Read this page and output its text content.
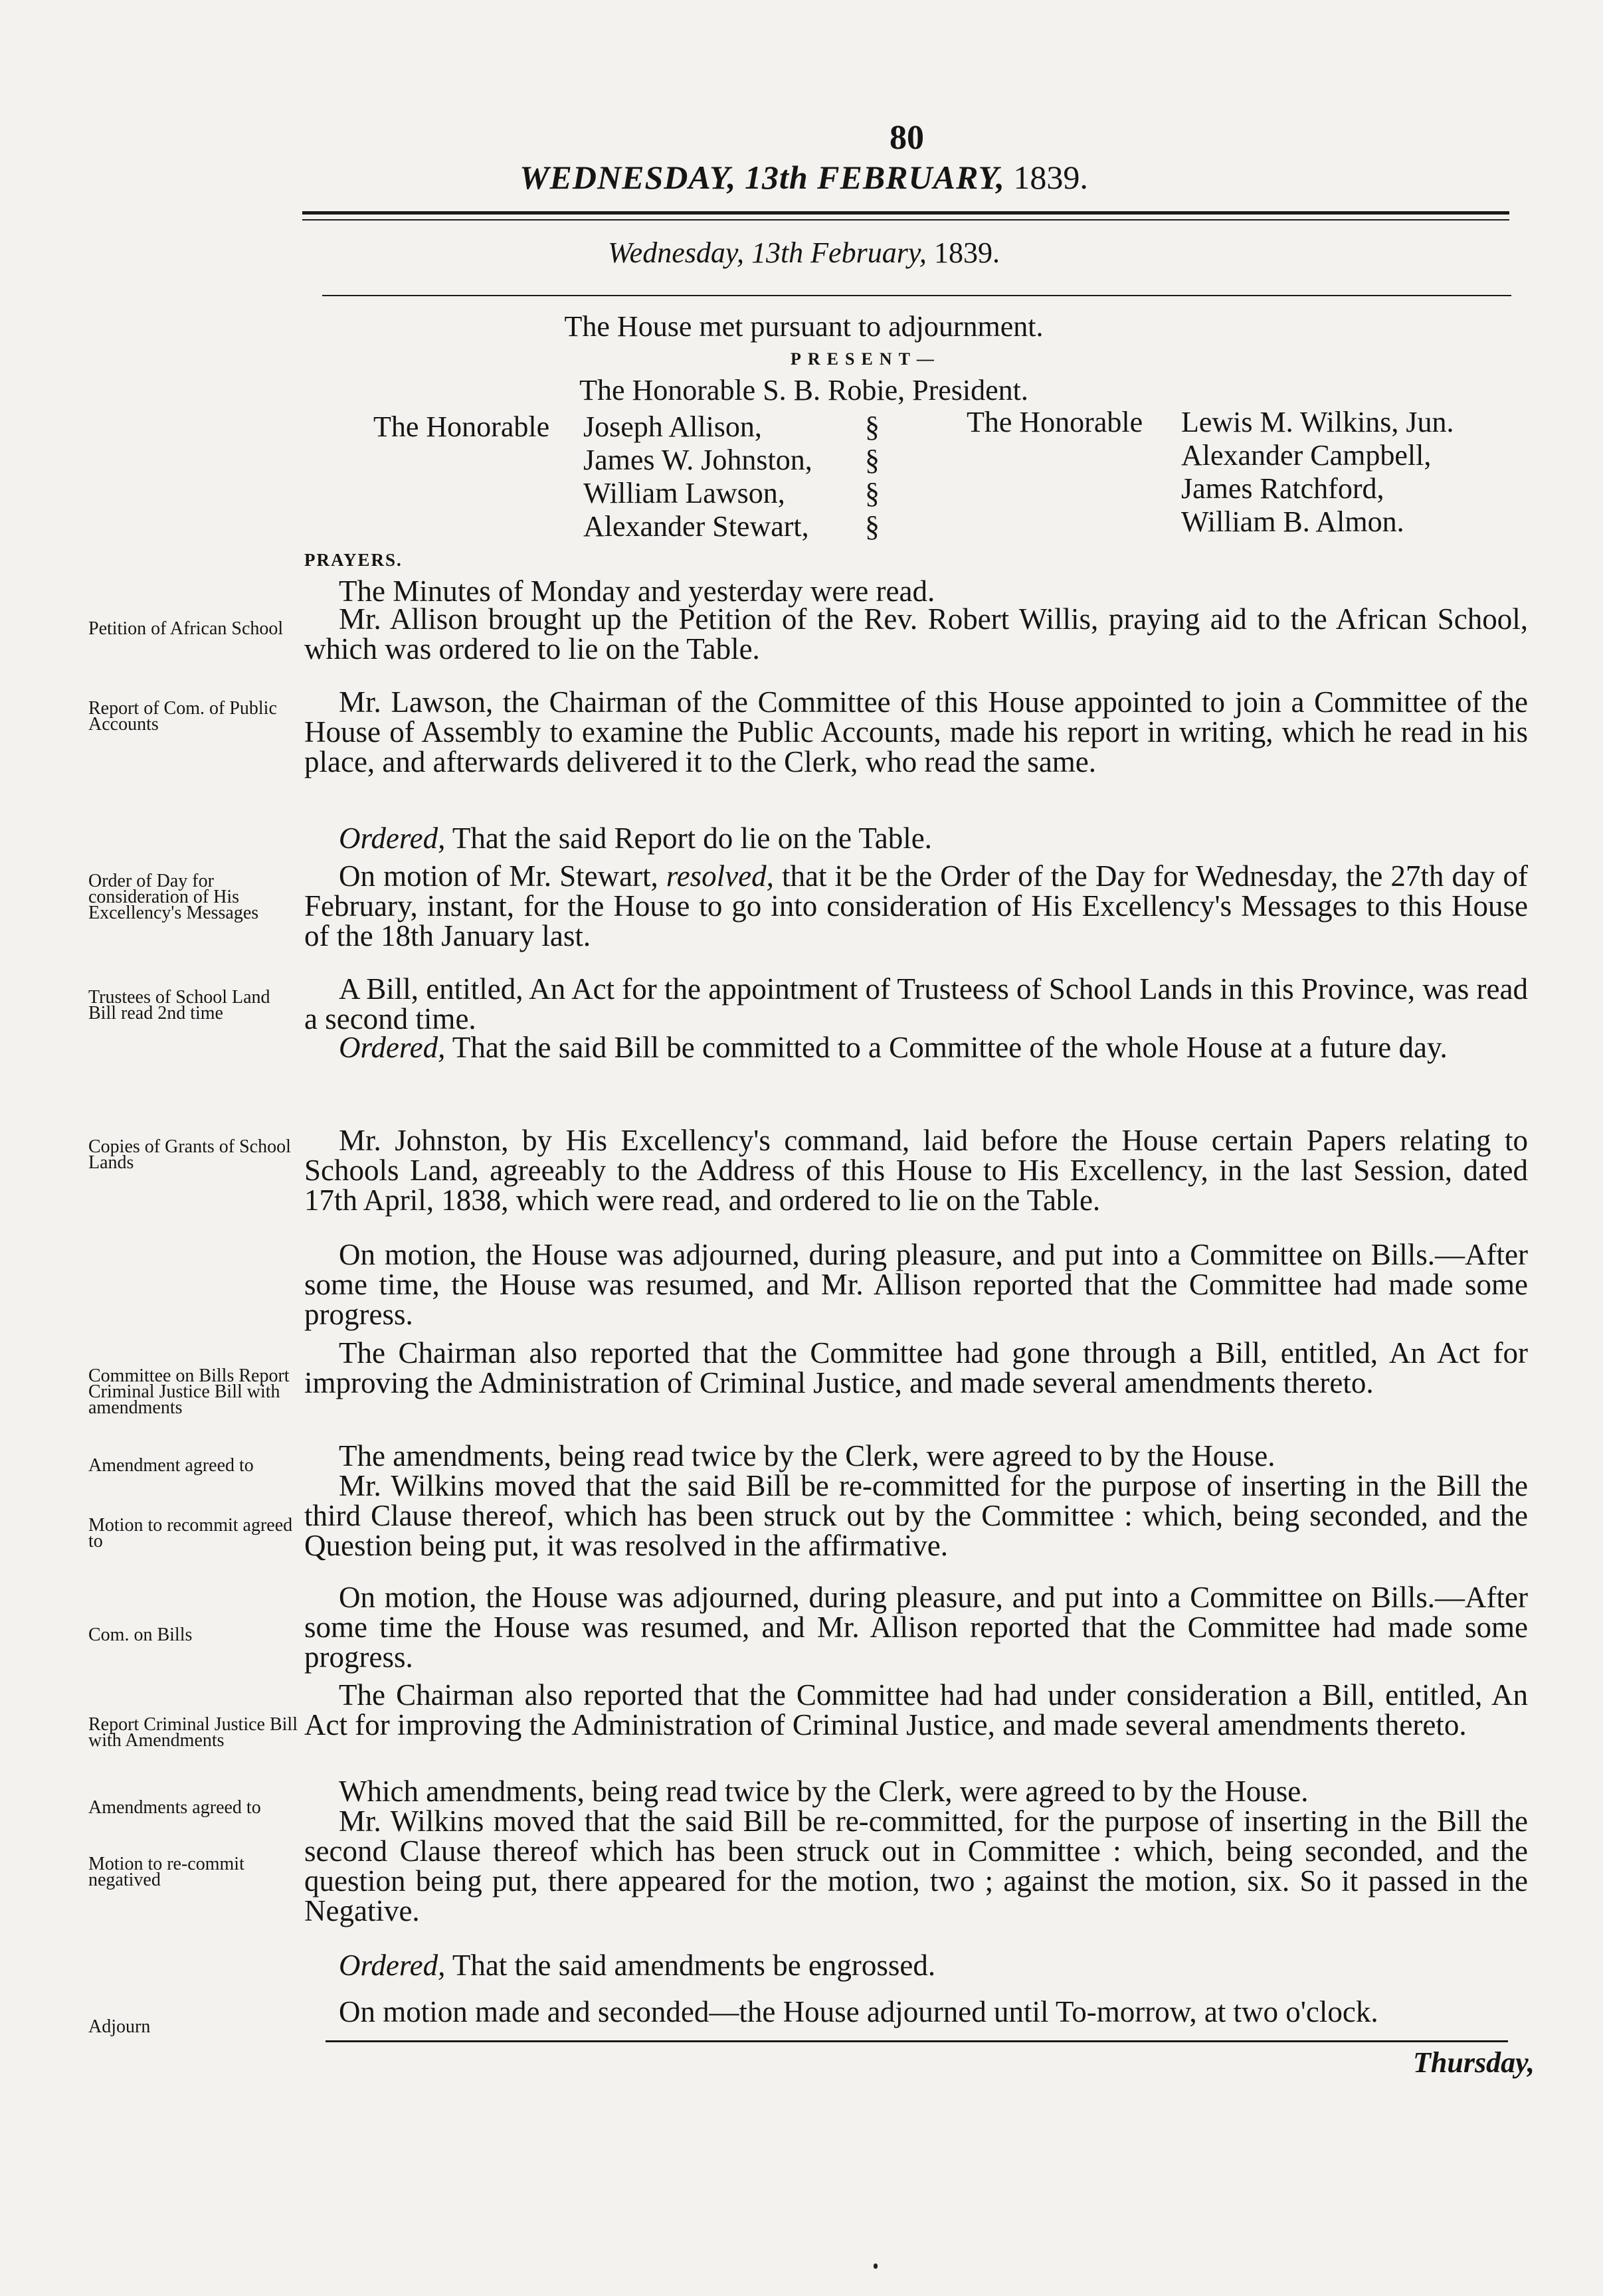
80
WEDNESDAY, 13th FEBRUARY, 1839.
Wednesday, 13th February, 1839.
The House met pursuant to adjournment.
PRESENT—
The Honorable S. B. Robie, President.
The Honorable Joseph Allison,
James W. Johnston,
William Lawson,
Alexander Stewart,
§
§
§
§
The Honorable Lewis M. Wilkins, Jun.
Alexander Campbell,
James Ratchford,
William B. Almon.
PRAYERS.
Petition of African School
Report of Com. of Public Accounts
Order of Day for consideration of His Excellency's Messages
Trustees of School Land Bill read 2nd time
Copies of Grants of School Lands
Committee on Bills Report Criminal Justice Bill with amendments
Amendment agreed to
Motion to recommit agreed to
Com. on Bills
Report Criminal Justice Bill with Amendments
Amendments agreed to
Motion to re-commit negatived
Adjourn
The Minutes of Monday and yesterday were read.
Mr. Allison brought up the Petition of the Rev. Robert Willis, praying aid to the African School, which was ordered to lie on the Table.
Mr. Lawson, the Chairman of the Committee of this House appointed to join a Committee of the House of Assembly to examine the Public Accounts, made his report in writing, which he read in his place, and afterwards delivered it to the Clerk, who read the same.
Ordered, That the said Report do lie on the Table.
On motion of Mr. Stewart, resolved, that it be the Order of the Day for Wednesday, the 27th day of February, instant, for the House to go into consideration of His Excellency's Messages to this House of the 18th January last.
A Bill, entitled, An Act for the appointment of Trusteess of School Lands in this Province, was read a second time.
Ordered, That the said Bill be committed to a Committee of the whole House at a future day.
Mr. Johnston, by His Excellency's command, laid before the House certain Papers relating to Schools Land, agreeably to the Address of this House to His Excellency, in the last Session, dated 17th April, 1838, which were read, and ordered to lie on the Table.
On motion, the House was adjourned, during pleasure, and put into a Committee on Bills.—After some time, the House was resumed, and Mr. Allison reported that the Committee had made some progress.
The Chairman also reported that the Committee had gone through a Bill, entitled, An Act for improving the Administration of Criminal Justice, and made several amendments thereto.
The amendments, being read twice by the Clerk, were agreed to by the House.
Mr. Wilkins moved that the said Bill be re-committed for the purpose of inserting in the Bill the third Clause thereof, which has been struck out by the Committee : which, being seconded, and the Question being put, it was resolved in the affirmative.
On motion, the House was adjourned, during pleasure, and put into a Committee on Bills.—After some time the House was resumed, and Mr. Allison reported that the Committee had made some progress.
The Chairman also reported that the Committee had had under consideration a Bill, entitled, An Act for improving the Administration of Criminal Justice, and made several amendments thereto.
Which amendments, being read twice by the Clerk, were agreed to by the House.
Mr. Wilkins moved that the said Bill be re-committed, for the purpose of inserting in the Bill the second Clause thereof which has been struck out in Committee : which, being seconded, and the question being put, there appeared for the motion, two ; against the motion, six. So it passed in the Negative.
Ordered, That the said amendments be engrossed.
On motion made and seconded—the House adjourned until To-morrow, at two o'clock.
Thursday,
